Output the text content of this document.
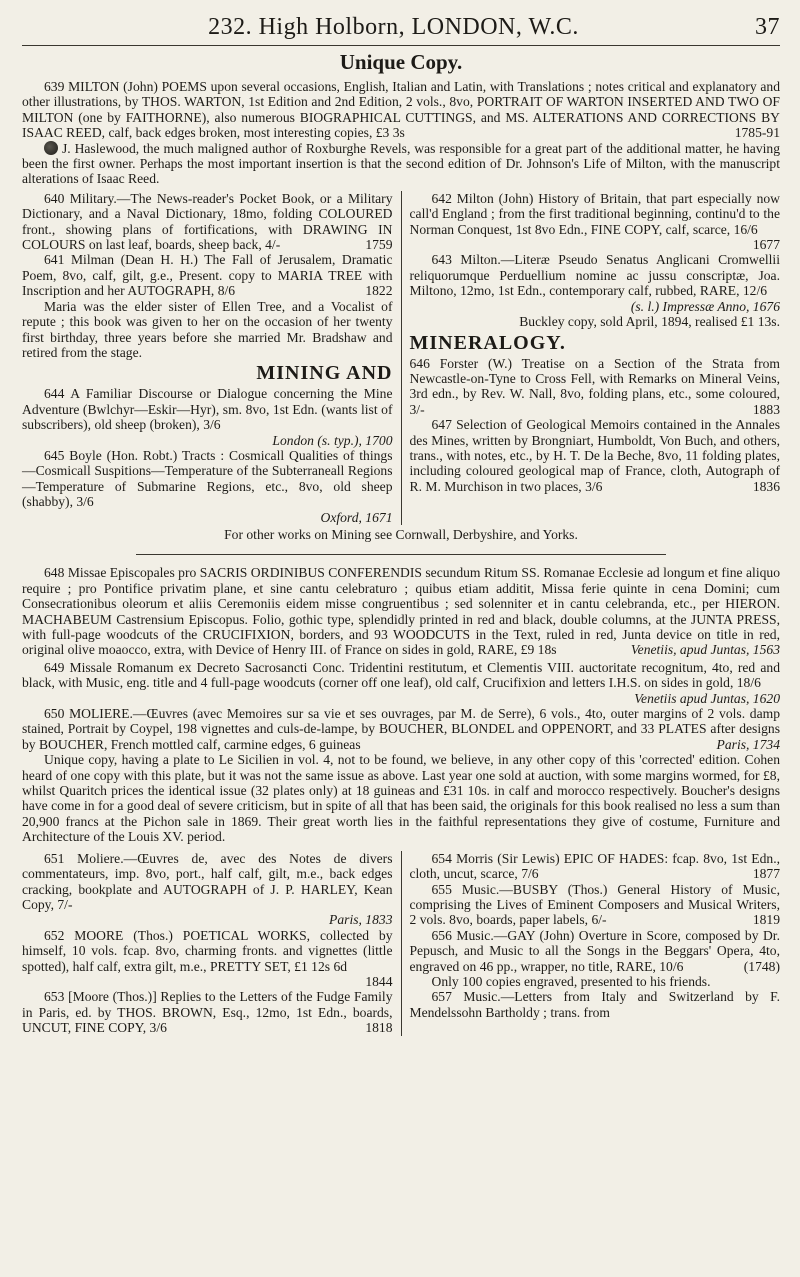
232. High Holborn, LONDON, W.C.	37
Unique Copy.

639 MILTON (John) POEMS upon several occasions, English, Italian and Latin, with Translations ; notes critical and explanatory and other illustrations, by THOS. WARTON, 1st Edition and 2nd Edition, 2 vols., 8vo, PORTRAIT OF WARTON INSERTED AND TWO OF MILTON (one by FAITHORNE), also numerous BIOGRAPHICAL CUTTINGS, and MS. ALTERATIONS AND CORRECTIONS BY ISAAC REED, calf, back edges broken, most interesting copies, £3 3s	1785-91

J. Haslewood, the much maligned author of Roxburghe Revels, was responsible for a great part of the additional matter, he having been the first owner. Perhaps the most important insertion is that the second edition of Dr. Johnson's Life of Milton, with the manuscript alterations of Isaac Reed.

640 Military.—The News-reader's Pocket Book, or a Military Dictionary, and a Naval Dictionary, 18mo, folding COLOURED front., showing plans of fortifications, with DRAWING IN COLOURS on last leaf, boards, sheep back, 4/-	1759

641 Milman (Dean H. H.) The Fall of Jerusalem, Dramatic Poem, 8vo, calf, gilt, g.e., Present. copy to MARIA TREE with Inscription and her AUTOGRAPH, 8/6	1822

Maria was the elder sister of Ellen Tree, and a Vocalist of repute ; this book was given to her on the occasion of her twenty first birthday, three years before she married Mr. Bradshaw and retired from the stage.

MINING AND

644 A Familiar Discourse or Dialogue concerning the Mine Adventure (Bwlchyr—Eskir—Hyr), sm. 8vo, 1st Edn. (wants list of subscribers), old sheep (broken), 3/6

London (s. typ.), 1700

645 Boyle (Hon. Robt.) Tracts : Cosmicall Qualities of things—Cosmicall Suspitions—Temperature of the Subterraneall Regions—Temperature of Submarine Regions, etc., 8vo, old sheep (shabby), 3/6

Oxford, 1671

642 Milton (John) History of Britain, that part especially now call'd England ; from the first traditional beginning, continu'd to the Norman Conquest, 1st 8vo Edn., FINE COPY, calf, scarce, 16/6
1677

643 Milton.—Literæ Pseudo Senatus Anglicani Cromwellii reliquorumque Perduellium nomine ac jussu conscriptæ, Joa. Miltono, 12mo, 1st Edn., contemporary calf, rubbed, RARE, 12/6

(s. l.) Impressæ Anno, 1676

Buckley copy, sold April, 1894, realised £1 13s.

MINERALOGY.

646 Forster (W.) Treatise on a Section of the Strata from Newcastle-on-Tyne to Cross Fell, with Remarks on Mineral Veins, 3rd edn., by Rev. W. Nall, 8vo, folding plans, etc., some coloured, 3/-	1883

647 Selection of Geological Memoirs contained in the Annales des Mines, written by Brongniart, Humboldt, Von Buch, and others, trans., with notes, etc., by H. T. De la Beche, 8vo, 11 folding plates, including coloured geological map of France, cloth, Autograph of R. M. Murchison in two places, 3/6	1836

For other works on Mining see Cornwall, Derbyshire, and Yorks.

648 Missae Episcopales pro SACRIS ORDINIBUS CONFERENDIS secundum Ritum SS. Romanae Ecclesie ad longum et fine aliquo require ; pro Pontifice privatim plane, et sine cantu celebraturo ; quibus etiam additit, Missa ferie quinte in cena Domini; cum Consecrationibus oleorum et aliis Ceremoniis eidem misse congruentibus ; sed solenniter et in cantu celebranda, etc., per HIERON. MACHABEUM Castrensium Episcopus. Folio, gothic type, splendidly printed in red and black, double columns, at the JUNTA PRESS, with full-page woodcuts of the CRUCIFIXION, borders, and 93 WOODCUTS in the Text, ruled in red, Junta device on title in red, original olive moaocco, extra, with Device of Henry III. of France on sides in gold, RARE, £9 18s	Venetiis, apud Juntas, 1563

649 Missale Romanum ex Decreto Sacrosancti Conc. Tridentini restitutum, et Clementis VIII. auctoritate recognitum, 4to, red and black, with Music, eng. title and 4 full-page woodcuts (corner off one leaf), old calf, Crucifixion and letters I.H.S. on sides in gold, 18/6
Venetiis apud Juntas, 1620

650 MOLIERE.—Œuvres (avec Memoires sur sa vie et ses ouvrages, par M. de Serre), 6 vols., 4to, outer margins of 2 vols. damp stained, Portrait by Coypel, 198 vignettes and culs-de-lampe, by BOUCHER, BLONDEL and OPPENORT, and 33 PLATES after designs by BOUCHER, French mottled calf, carmine edges, 6 guineas	Paris, 1734

Unique copy, having a plate to Le Sicilien in vol. 4, not to be found, we believe, in any other copy of this 'corrected' edition. Cohen heard of one copy with this plate, but it was not the same issue as above. Last year one sold at auction, with some margins wormed, for £8, whilst Quaritch prices the identical issue (32 plates only) at 18 guineas and £31 10s. in calf and morocco respectively. Boucher's designs have come in for a good deal of severe criticism, but in spite of all that has been said, the originals for this book realised no less a sum than 20,900 francs at the Pichon sale in 1869. Their great worth lies in the faithful representations they give of costume, Furniture and Architecture of the Louis XV. period.

651 Moliere.—Œuvres de, avec des Notes de divers commentateurs, imp. 8vo, port., half calf, gilt, m.e., back edges cracking, bookplate and AUTOGRAPH of J. P. HARLEY, Kean Copy, 7/-

Paris, 1833

652 MOORE (Thos.) POETICAL WORKS, collected by himself, 10 vols. fcap. 8vo, charming fronts. and vignettes (little spotted), half calf, extra gilt, m.e., PRETTY SET, £1 12s 6d
1844

653 [Moore (Thos.)] Replies to the Letters of the Fudge Family in Paris, ed. by THOS. BROWN, Esq., 12mo, 1st Edn., boards, UNCUT, FINE COPY, 3/6	1818

654 Morris (Sir Lewis) EPIC OF HADES: fcap. 8vo, 1st Edn., cloth, uncut, scarce, 7/6	1877

655 Music.—BUSBY (Thos.) General History of Music, comprising the Lives of Eminent Composers and Musical Writers, 2 vols. 8vo, boards, paper labels, 6/-	1819

656 Music.—GAY (John) Overture in Score, composed by Dr. Pepusch, and Music to all the Songs in the Beggars' Opera, 4to, engraved on 46 pp., wrapper, no title, RARE, 10/6	(1748)

Only 100 copies engraved, presented to his friends.

657 Music.—Letters from Italy and Switzerland by F. Mendelssohn Bartholdy ; trans. from
